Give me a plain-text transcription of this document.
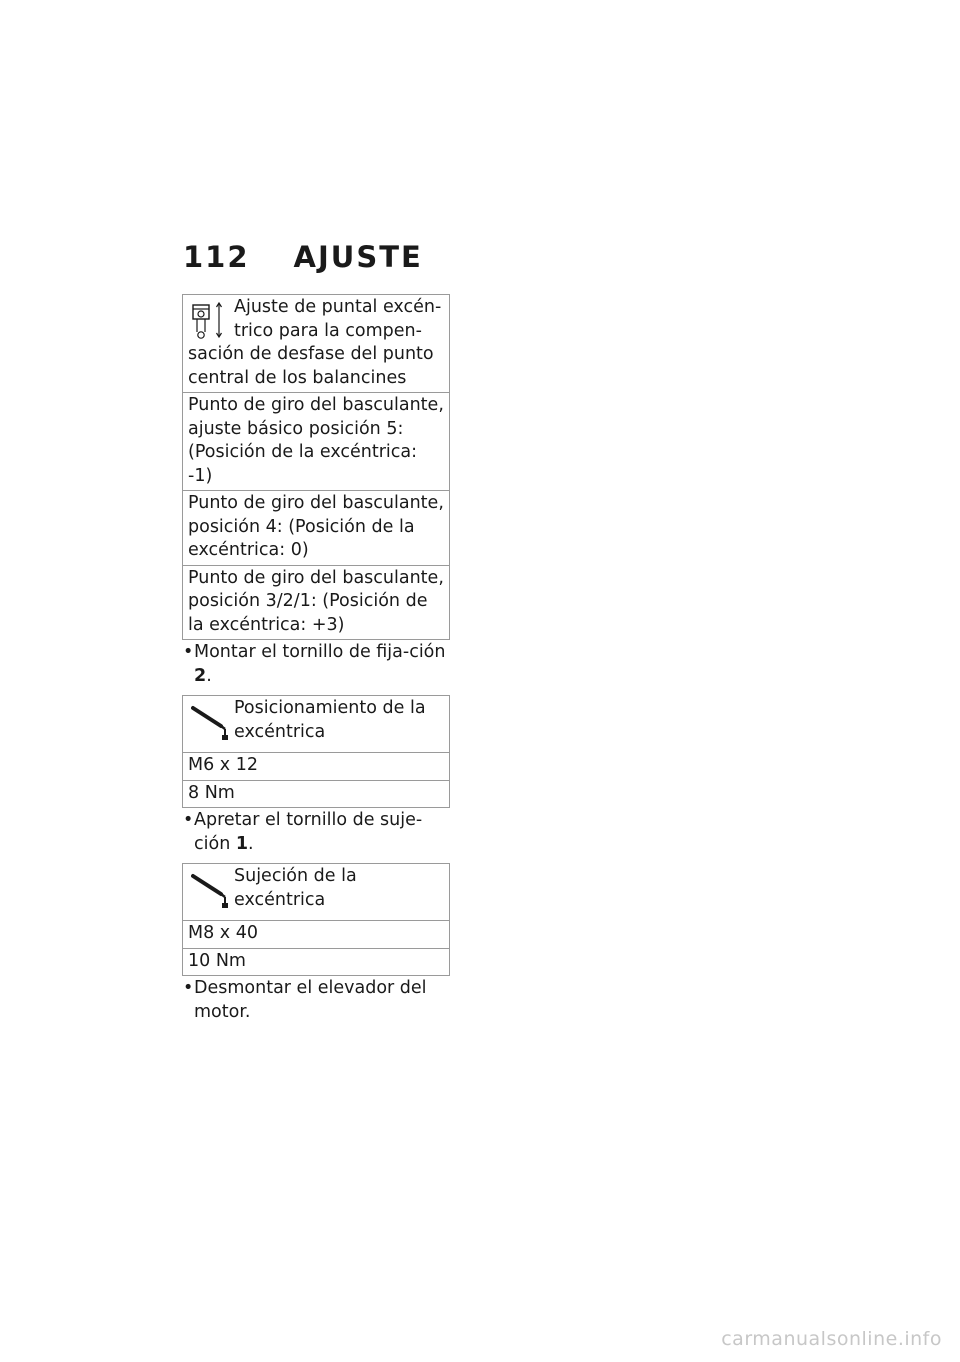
112 AJUSTE
Ajuste de puntal excén-
trico para la compen-
sación de desfase del punto central de los balancines
Punto de giro del basculante, ajuste básico posición 5: (Posición de la excéntrica: -1)
Punto de giro del basculante, posición 4: (Posición de la excéntrica: 0)
Punto de giro del basculante, posición 3/2/1: (Posición de la excéntrica: +3)
• Montar el tornillo de fija-ción 2.
Posicionamiento de la excéntrica
M6 x 12
8 Nm
• Apretar el tornillo de suje-ción 1.
Sujeción de la excéntrica
M8 x 40
10 Nm
• Desmontar el elevador del motor.
carmanualsonline.info
